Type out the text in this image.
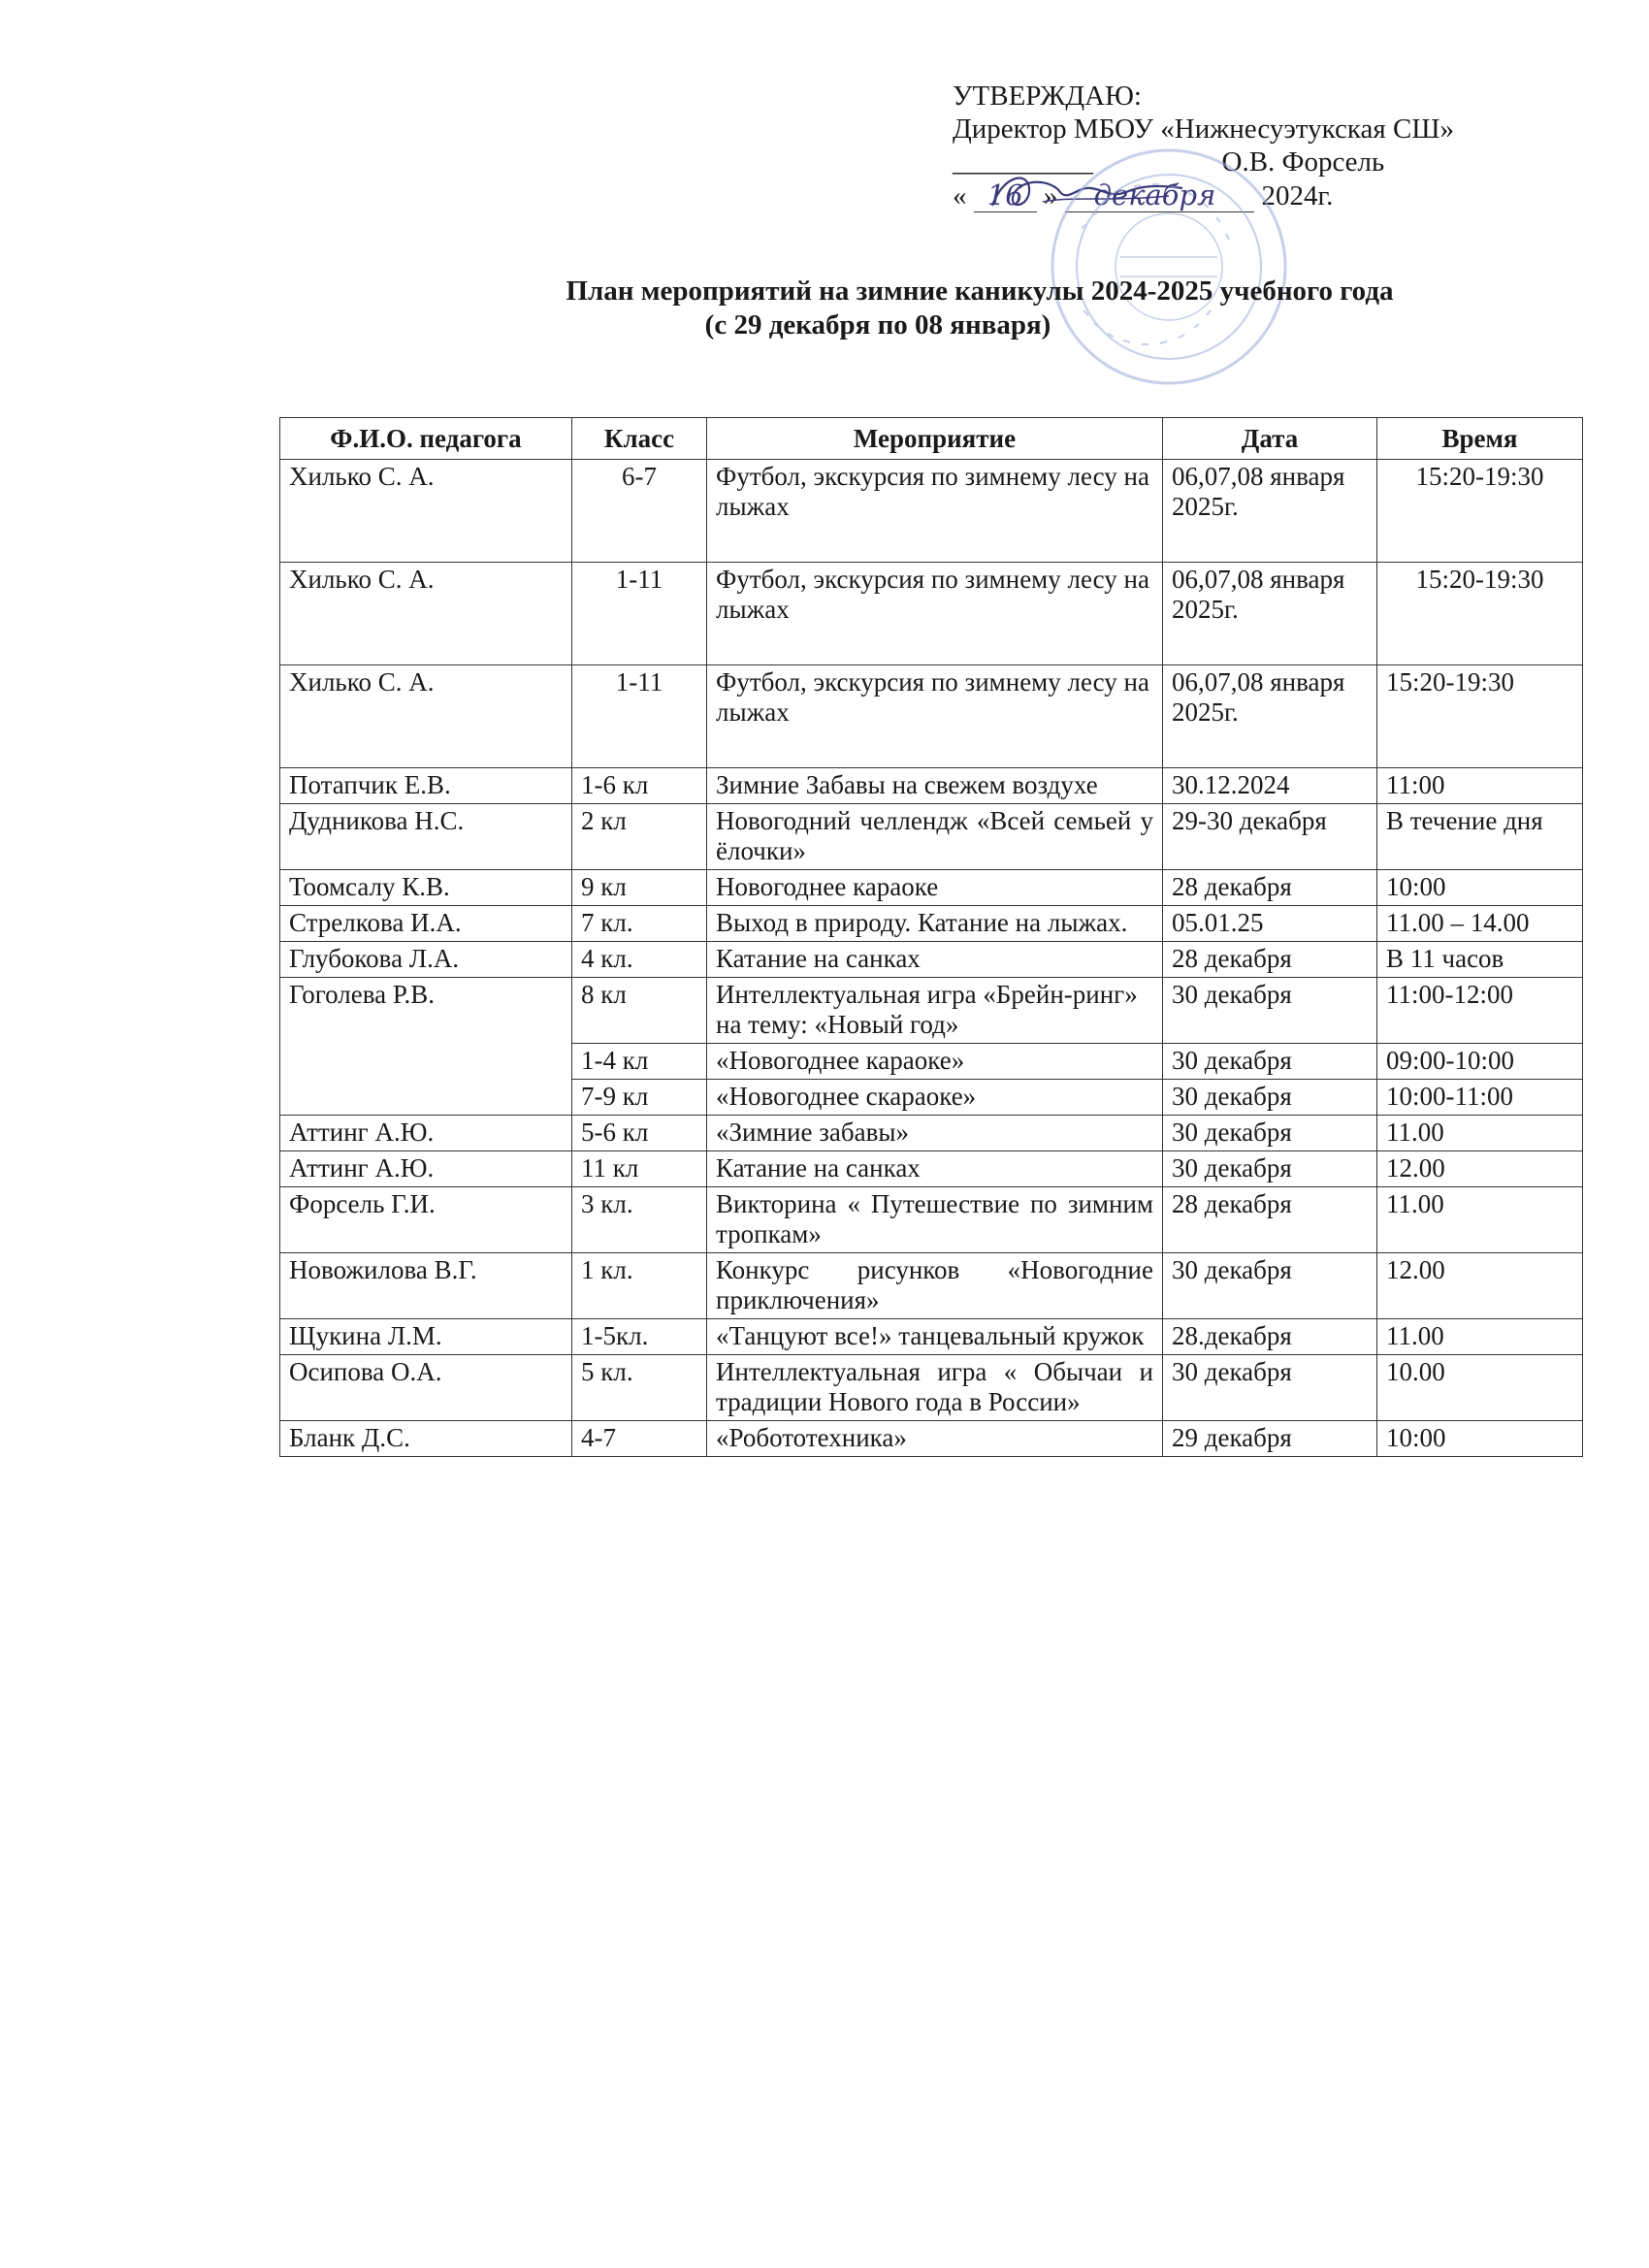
УТВЕРЖДАЮ:
Директор МБОУ «Нижнесуэтукская СШ»
__________	О.В. Форсель
« 16 » декабря 2024г.
План мероприятий на зимние каникулы 2024-2025 учебного года
(с 29 декабря по 08 января)
Ф.И.О. педагога	Класс	Мероприятие	Дата	Время
Хилько С. А.	6-7	Футбол, экскурсия по зимнему лесу на лыжах	06,07,08 января 2025г.	15:20-19:30
Хилько С. А.	1-11	Футбол, экскурсия по зимнему лесу на лыжах	06,07,08 января 2025г.	15:20-19:30
Хилько С. А.	1-11	Футбол, экскурсия по зимнему лесу на лыжах	06,07,08 января 2025г.	15:20-19:30
Потапчик Е.В.	1-6 кл	Зимние Забавы на свежем воздухе	30.12.2024	11:00
Дудникова Н.С.	2 кл	Новогодний челлендж «Всей семьей у ёлочки»	29-30 декабря	В течение дня
Тоомсалу К.В.	9 кл	Новогоднее караоке	28 декабря	10:00
Стрелкова И.А.	7 кл.	Выход в природу. Катание на лыжах.	05.01.25	11.00 – 14.00
Глубокова Л.А.	4 кл.	Катание на санках	28 декабря	В 11 часов
Гоголева Р.В.	8 кл	Интеллектуальная игра «Брейн-ринг» на тему: «Новый год»	30 декабря	11:00-12:00
	1-4 кл	«Новогоднее караоке»	30 декабря	09:00-10:00
	7-9 кл	«Новогоднее скараоке»	30 декабря	10:00-11:00
Аттинг А.Ю.	5-6 кл	«Зимние забавы»	30 декабря	11.00
Аттинг А.Ю.	11 кл	Катание на санках	30 декабря	12.00
Форсель Г.И.	3 кл.	Викторина « Путешествие по зимним тропкам»	28 декабря	11.00
Новожилова В.Г.	1 кл.	Конкурс рисунков «Новогодние приключения»	30 декабря	12.00
Щукина Л.М.	1-5кл.	«Танцуют все!» танцевальный кружок	28.декабря	11.00
Осипова О.А.	5 кл.	Интеллектуальная игра « Обычаи и традиции Нового года в России»	30 декабря	10.00
Бланк Д.С.	4-7	«Робототехника»	29 декабря	10:00
